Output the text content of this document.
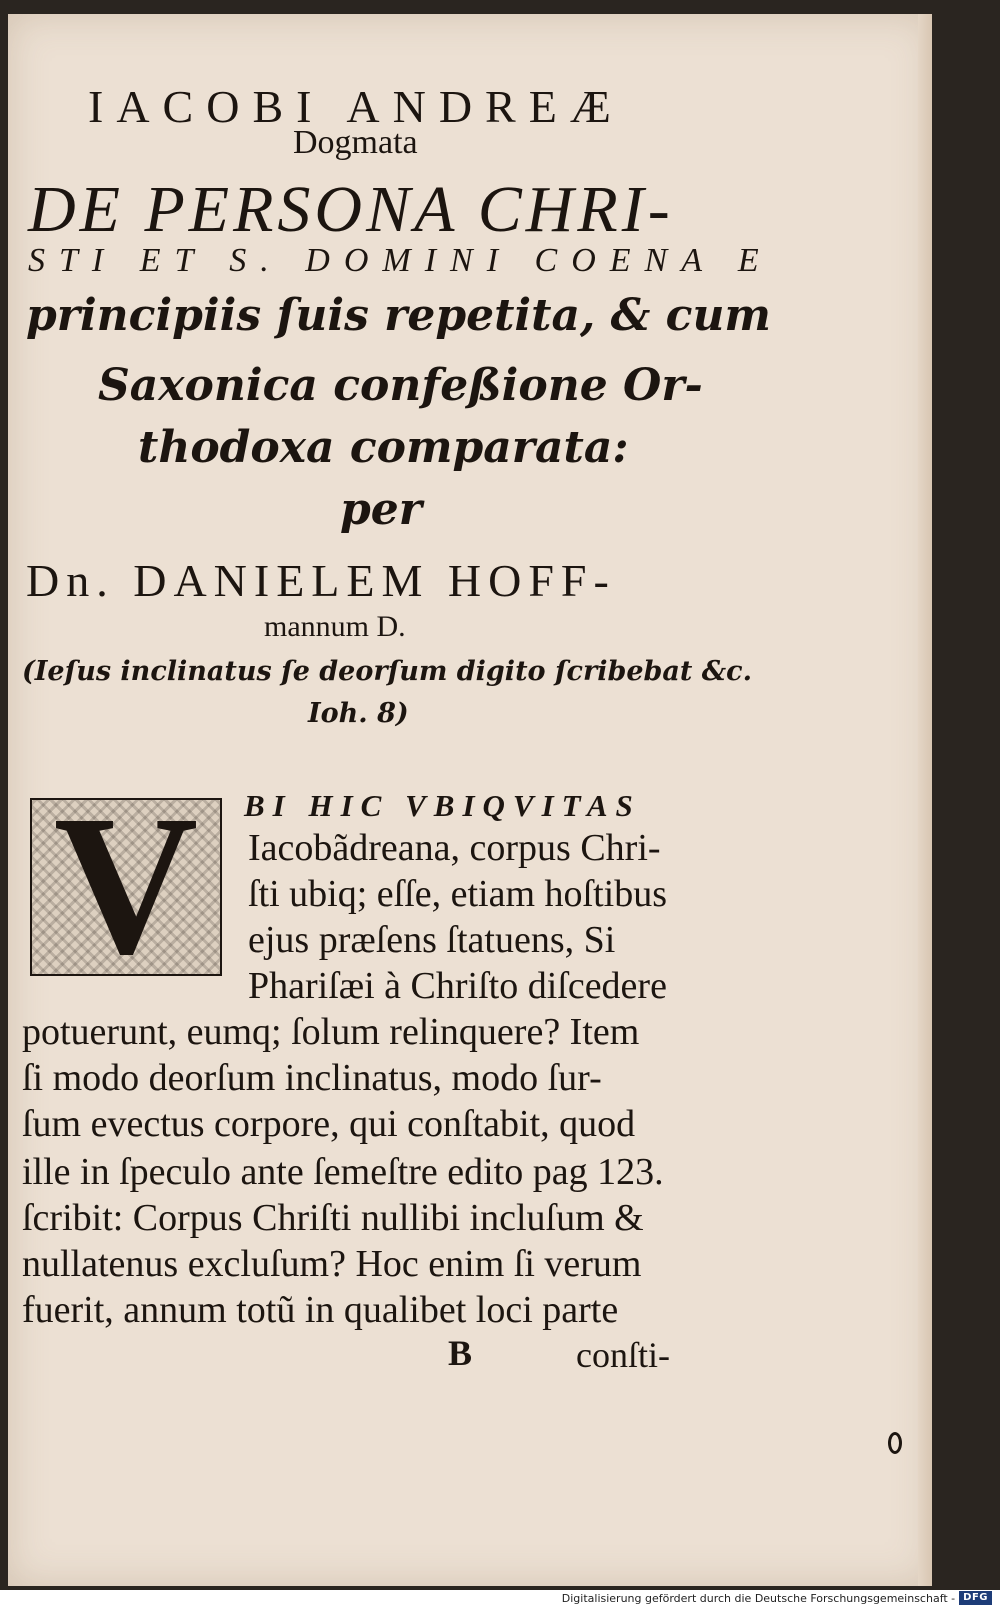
IACOBI ANDREÆ
Dogmata
DE PERSONA CHRI-
STI ET S. DOMINI COENA E
principiis ſuis repetita, & cum
Saxonica confeßione Or-
thodoxa comparata:
per
Dn. DANIELEM HOFF-
mannum D.
(Ieſus inclinatus ſe deorſum digito ſcribebat &c.
Ioh. 8)
V	BI HIC VBIQVITAS
Iacobãdreana, corpus Chri-
ſti ubiq; eſſe, etiam hoſtibus
ejus præſens ſtatuens, Si
Phariſæi à Chriſto diſcedere
potuerunt, eumq; ſolum relinquere? Item
ſi modo deorſum inclinatus, modo ſur-
ſum evectus corpore, qui conſtabit, quod
ille in ſpeculo ante ſemeſtre edito pag 123.
ſcribit: Corpus Chriſti nullibi incluſum &
nullatenus excluſum? Hoc enim ſi verum
fuerit, annum totũ in qualibet loci parte
B	conſti-
Digitalisierung gefördert durch die Deutsche Forschungsgemeinschaft - DFG
